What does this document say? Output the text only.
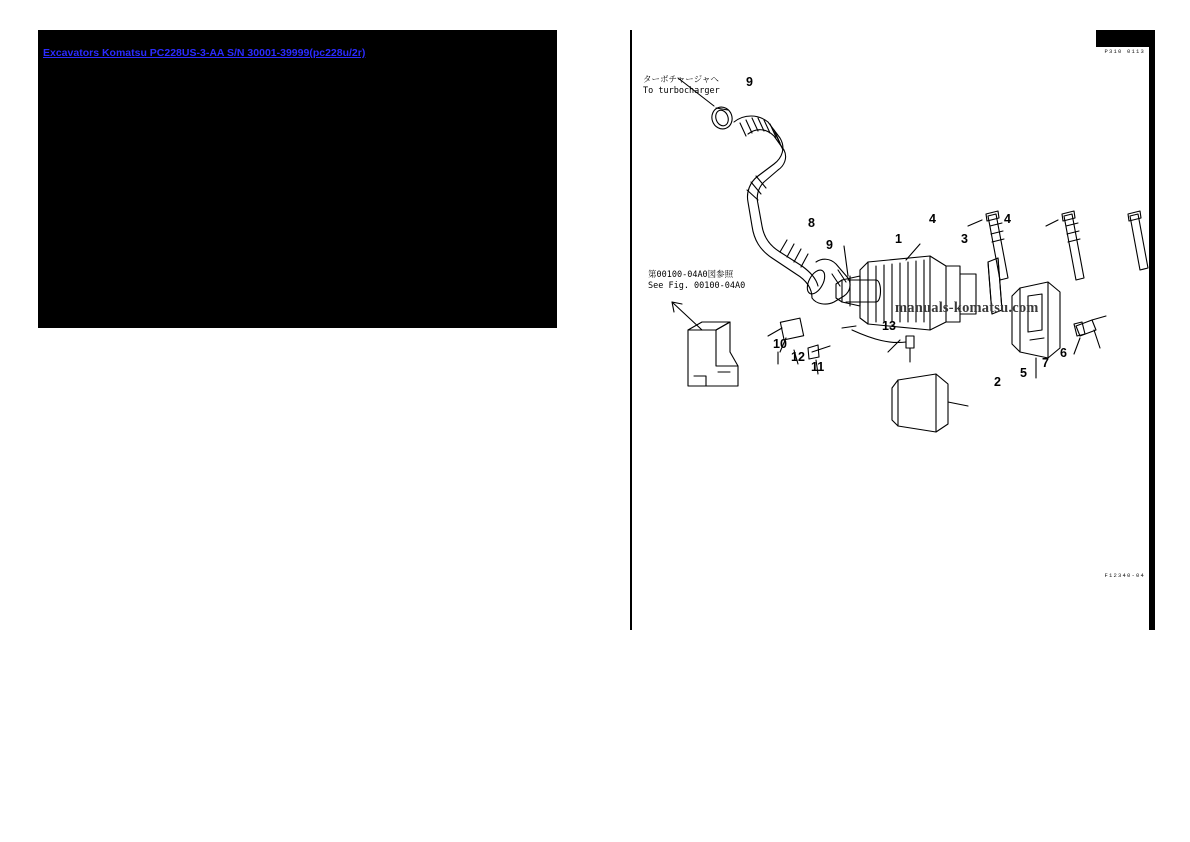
Excavators Komatsu PC228US-3-AA S/N 30001-39999(pc228u/2r)	P310 0113
F12340-04
ターボチャージャへ
To turbocharger
第00100-04A0図参照
See Fig. 00100-04A0
9
8
1
9
4	4
3
10
12
11
13
5
7
6
2
manuals-komatsu.com
